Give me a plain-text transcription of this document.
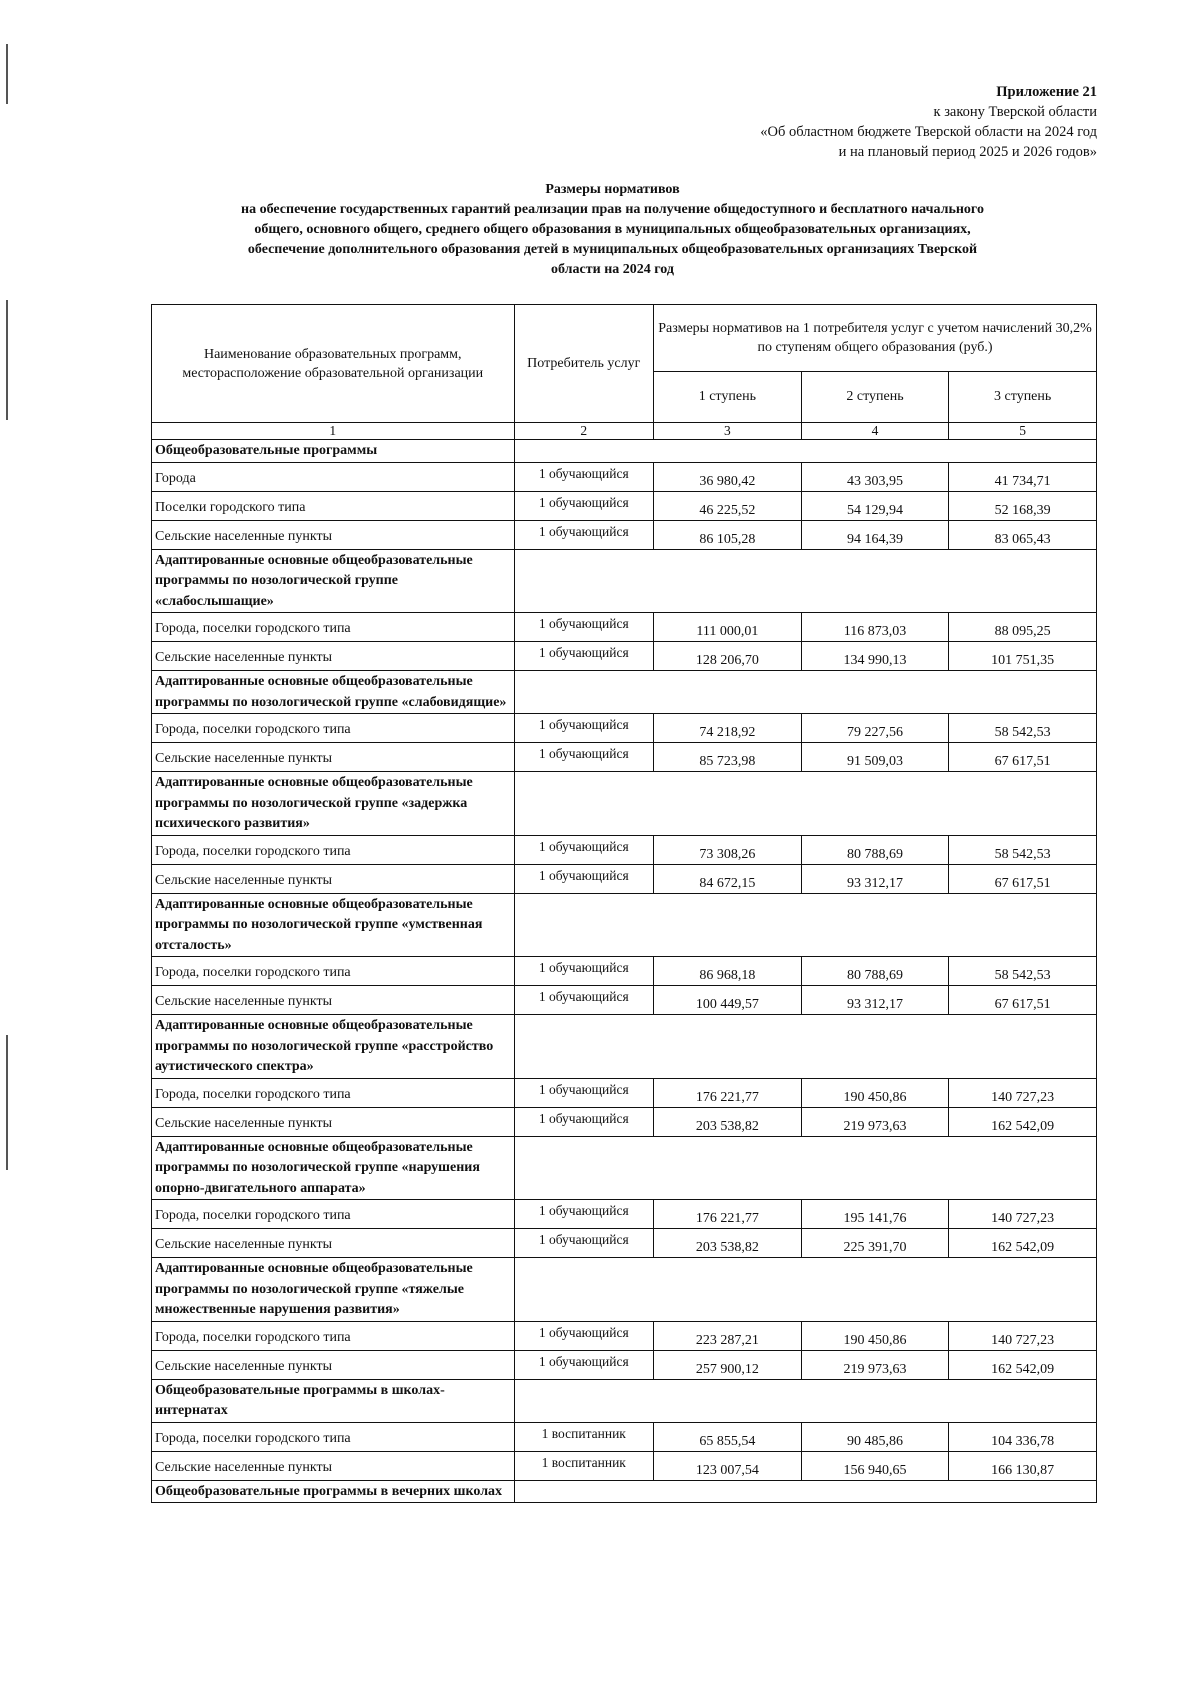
Приложение 21
к закону Тверской области
«Об областном бюджете Тверской области на 2024 год
и на плановый период 2025 и 2026 годов»
Размеры нормативов
на обеспечение государственных гарантий реализации прав на получение общедоступного и бесплатного начального
общего, основного общего, среднего общего образования в муниципальных общеобразовательных организациях,
обеспечение дополнительного образования детей в муниципальных общеобразовательных организациях Тверской
области на 2024 год
Наименование образовательных программ, месторасположение образовательной организации	Потребитель услуг	Размеры нормативов на 1 потребителя услуг с учетом начислений 30,2% по ступеням общего образования (руб.)		
		1 ступень	2 ступень	3 ступень
1	2	3	4	5
Общеобразовательные программы				
Города	1 обучающийся	36 980,42	43 303,95	41 734,71
Поселки городского типа	1 обучающийся	46 225,52	54 129,94	52 168,39
Сельские населенные пункты	1 обучающийся	86 105,28	94 164,39	83 065,43
Адаптированные основные общеобразовательные программы по нозологической группе «слабослышащие»				
Города, поселки городского типа	1 обучающийся	111 000,01	116 873,03	88 095,25
Сельские населенные пункты	1 обучающийся	128 206,70	134 990,13	101 751,35
Адаптированные основные общеобразовательные программы по нозологической группе «слабовидящие»				
Города, поселки городского типа	1 обучающийся	74 218,92	79 227,56	58 542,53
Сельские населенные пункты	1 обучающийся	85 723,98	91 509,03	67 617,51
Адаптированные основные общеобразовательные программы по нозологической группе «задержка психического развития»				
Города, поселки городского типа	1 обучающийся	73 308,26	80 788,69	58 542,53
Сельские населенные пункты	1 обучающийся	84 672,15	93 312,17	67 617,51
Адаптированные основные общеобразовательные программы по нозологической группе «умственная отсталость»				
Города, поселки городского типа	1 обучающийся	86 968,18	80 788,69	58 542,53
Сельские населенные пункты	1 обучающийся	100 449,57	93 312,17	67 617,51
Адаптированные основные общеобразовательные программы по нозологической группе «расстройство аутистического спектра»				
Города, поселки городского типа	1 обучающийся	176 221,77	190 450,86	140 727,23
Сельские населенные пункты	1 обучающийся	203 538,82	219 973,63	162 542,09
Адаптированные основные общеобразовательные программы по нозологической группе «нарушения опорно-двигательного аппарата»				
Города, поселки городского типа	1 обучающийся	176 221,77	195 141,76	140 727,23
Сельские населенные пункты	1 обучающийся	203 538,82	225 391,70	162 542,09
Адаптированные основные общеобразовательные программы по нозологической группе «тяжелые множественные нарушения развития»				
Города, поселки городского типа	1 обучающийся	223 287,21	190 450,86	140 727,23
Сельские населенные пункты	1 обучающийся	257 900,12	219 973,63	162 542,09
Общеобразовательные программы в школах-интернатах				
Города, поселки городского типа	1 воспитанник	65 855,54	90 485,86	104 336,78
Сельские населенные пункты	1 воспитанник	123 007,54	156 940,65	166 130,87
Общеобразовательные программы в вечерних школах				
